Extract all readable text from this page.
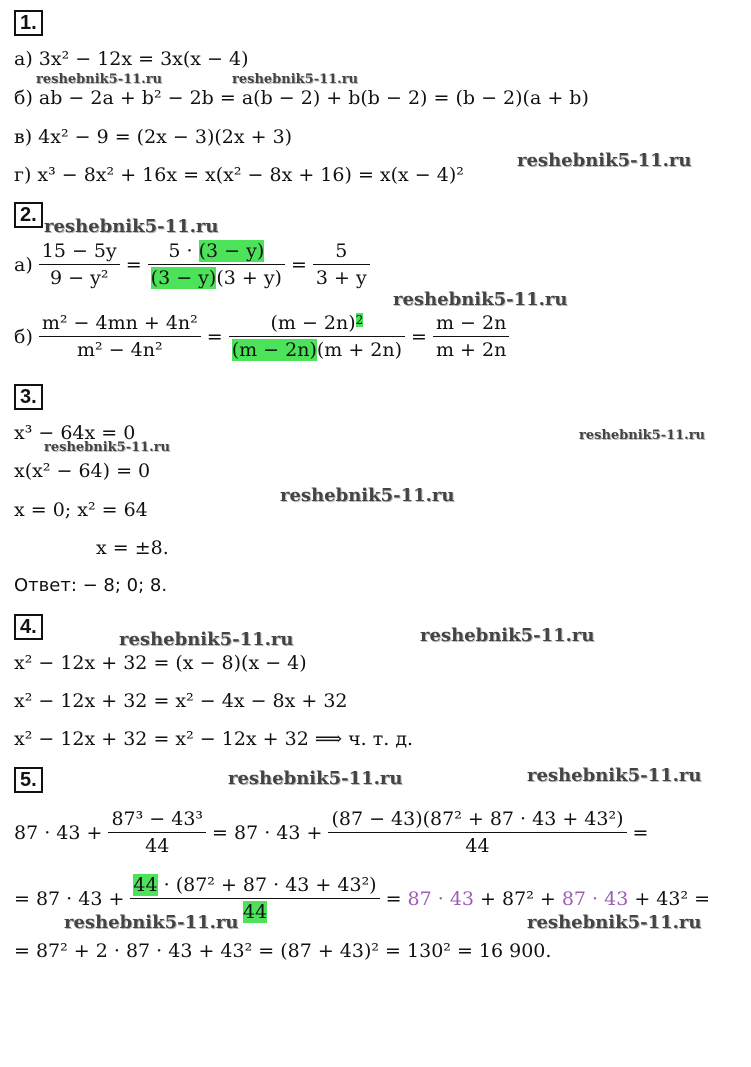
1.
а) 3x² − 12x = 3x(x − 4)
б) ab − 2a + b² − 2b = a(b − 2) + b(b − 2) = (b − 2)(a + b)
в) 4x² − 9 = (2x − 3)(2x + 3)
г) x³ − 8x² + 16x = x(x² − 8x + 16) = x(x − 4)²
2.
$а) \frac{15 - 5y}{\text{9 − y²}} = \frac{5 \cdot (3 - y)}{(3 - y)(3 + y)} = \frac{5}{3 + y}$
$б) \frac{\text{m² − 4mn + 4n²}}{\text{m² − 4n²}} = \frac{(m - 2n)^2}{(m - 2n)(m + 2n)} = \frac{m - 2n}{m + 2n}$
3.
x³ − 64x = 0
x(x² − 64) = 0
x = 0; x² = 64
x = ±8.
Ответ: − 8; 0; 8.
4.
x² − 12x + 32 = (x − 8)(x − 4)
x² − 12x + 32 = x² − 4x − 8x + 32
x² − 12x + 32 = x² − 12x + 32 ⟹ ч. т. д.
5.
$87 \cdot 43 + \frac{\text{87³ − 43³}}{44} = 87 \cdot 43 + \frac{\text{(87 − 43)(87² + 87 · 43 + 43²)}}{44}$ =
= $87 \cdot 43 + \frac{\text{44 · (87² + 87 · 43 + 43²)}}{44} = 87 \cdot 43 + 87^2 + 87 \cdot 43 + 43^2$ =
= 87² + 2 · 87 · 43 + 43² = (87 + 43)² = 130² = 16 900.
reshebnik5-11.ru	reshebnik5-11.ru
reshebnik5-11.ru
reshebnik5-11.ru
reshebnik5-11.ru
reshebnik5-11.ru
reshebnik5-11.ru
reshebnik5-11.ru
reshebnik5-11.ru	reshebnik5-11.ru
reshebnik5-11.ru	reshebnik5-11.ru
reshebnik5-11.ru	reshebnik5-11.ru
